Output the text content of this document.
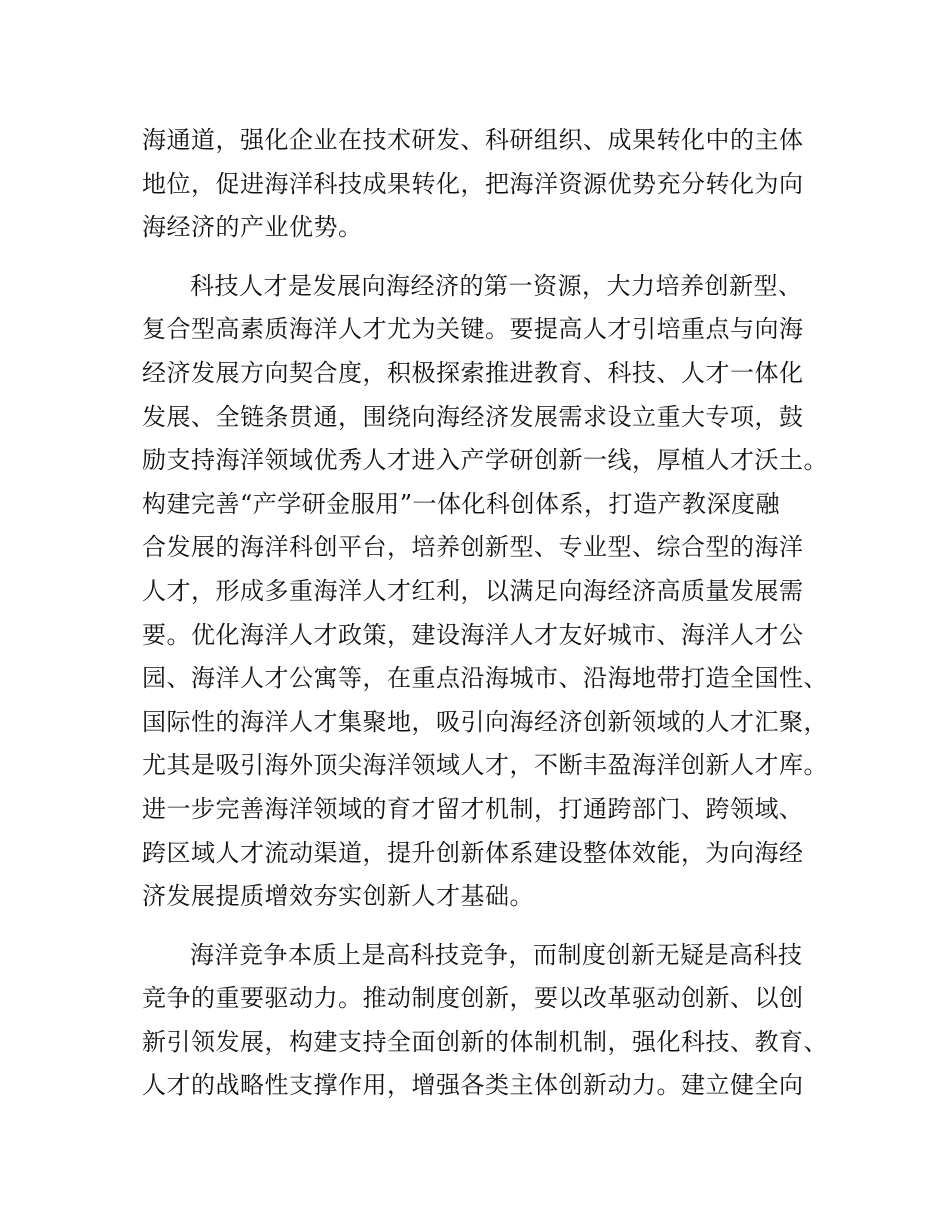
海通道，强化企业在技术研发、科研组织、成果转化中的主体
地位，促进海洋科技成果转化，把海洋资源优势充分转化为向
海经济的产业优势。

科技人才是发展向海经济的第一资源，大力培养创新型、
复合型高素质海洋人才尤为关键。要提高人才引培重点与向海
经济发展方向契合度，积极探索推进教育、科技、人才一体化
发展、全链条贯通，围绕向海经济发展需求设立重大专项，鼓
励支持海洋领域优秀人才进入产学研创新一线，厚植人才沃土。
构建完善“产学研金服用”一体化科创体系，打造产教深度融
合发展的海洋科创平台，培养创新型、专业型、综合型的海洋
人才，形成多重海洋人才红利，以满足向海经济高质量发展需
要。优化海洋人才政策，建设海洋人才友好城市、海洋人才公
园、海洋人才公寓等，在重点沿海城市、沿海地带打造全国性、
国际性的海洋人才集聚地，吸引向海经济创新领域的人才汇聚，
尤其是吸引海外顶尖海洋领域人才，不断丰盈海洋创新人才库。
进一步完善海洋领域的育才留才机制，打通跨部门、跨领域、
跨区域人才流动渠道，提升创新体系建设整体效能，为向海经
济发展提质增效夯实创新人才基础。

海洋竞争本质上是高科技竞争，而制度创新无疑是高科技
竞争的重要驱动力。推动制度创新，要以改革驱动创新、以创
新引领发展，构建支持全面创新的体制机制，强化科技、教育、
人才的战略性支撑作用，增强各类主体创新动力。建立健全向
